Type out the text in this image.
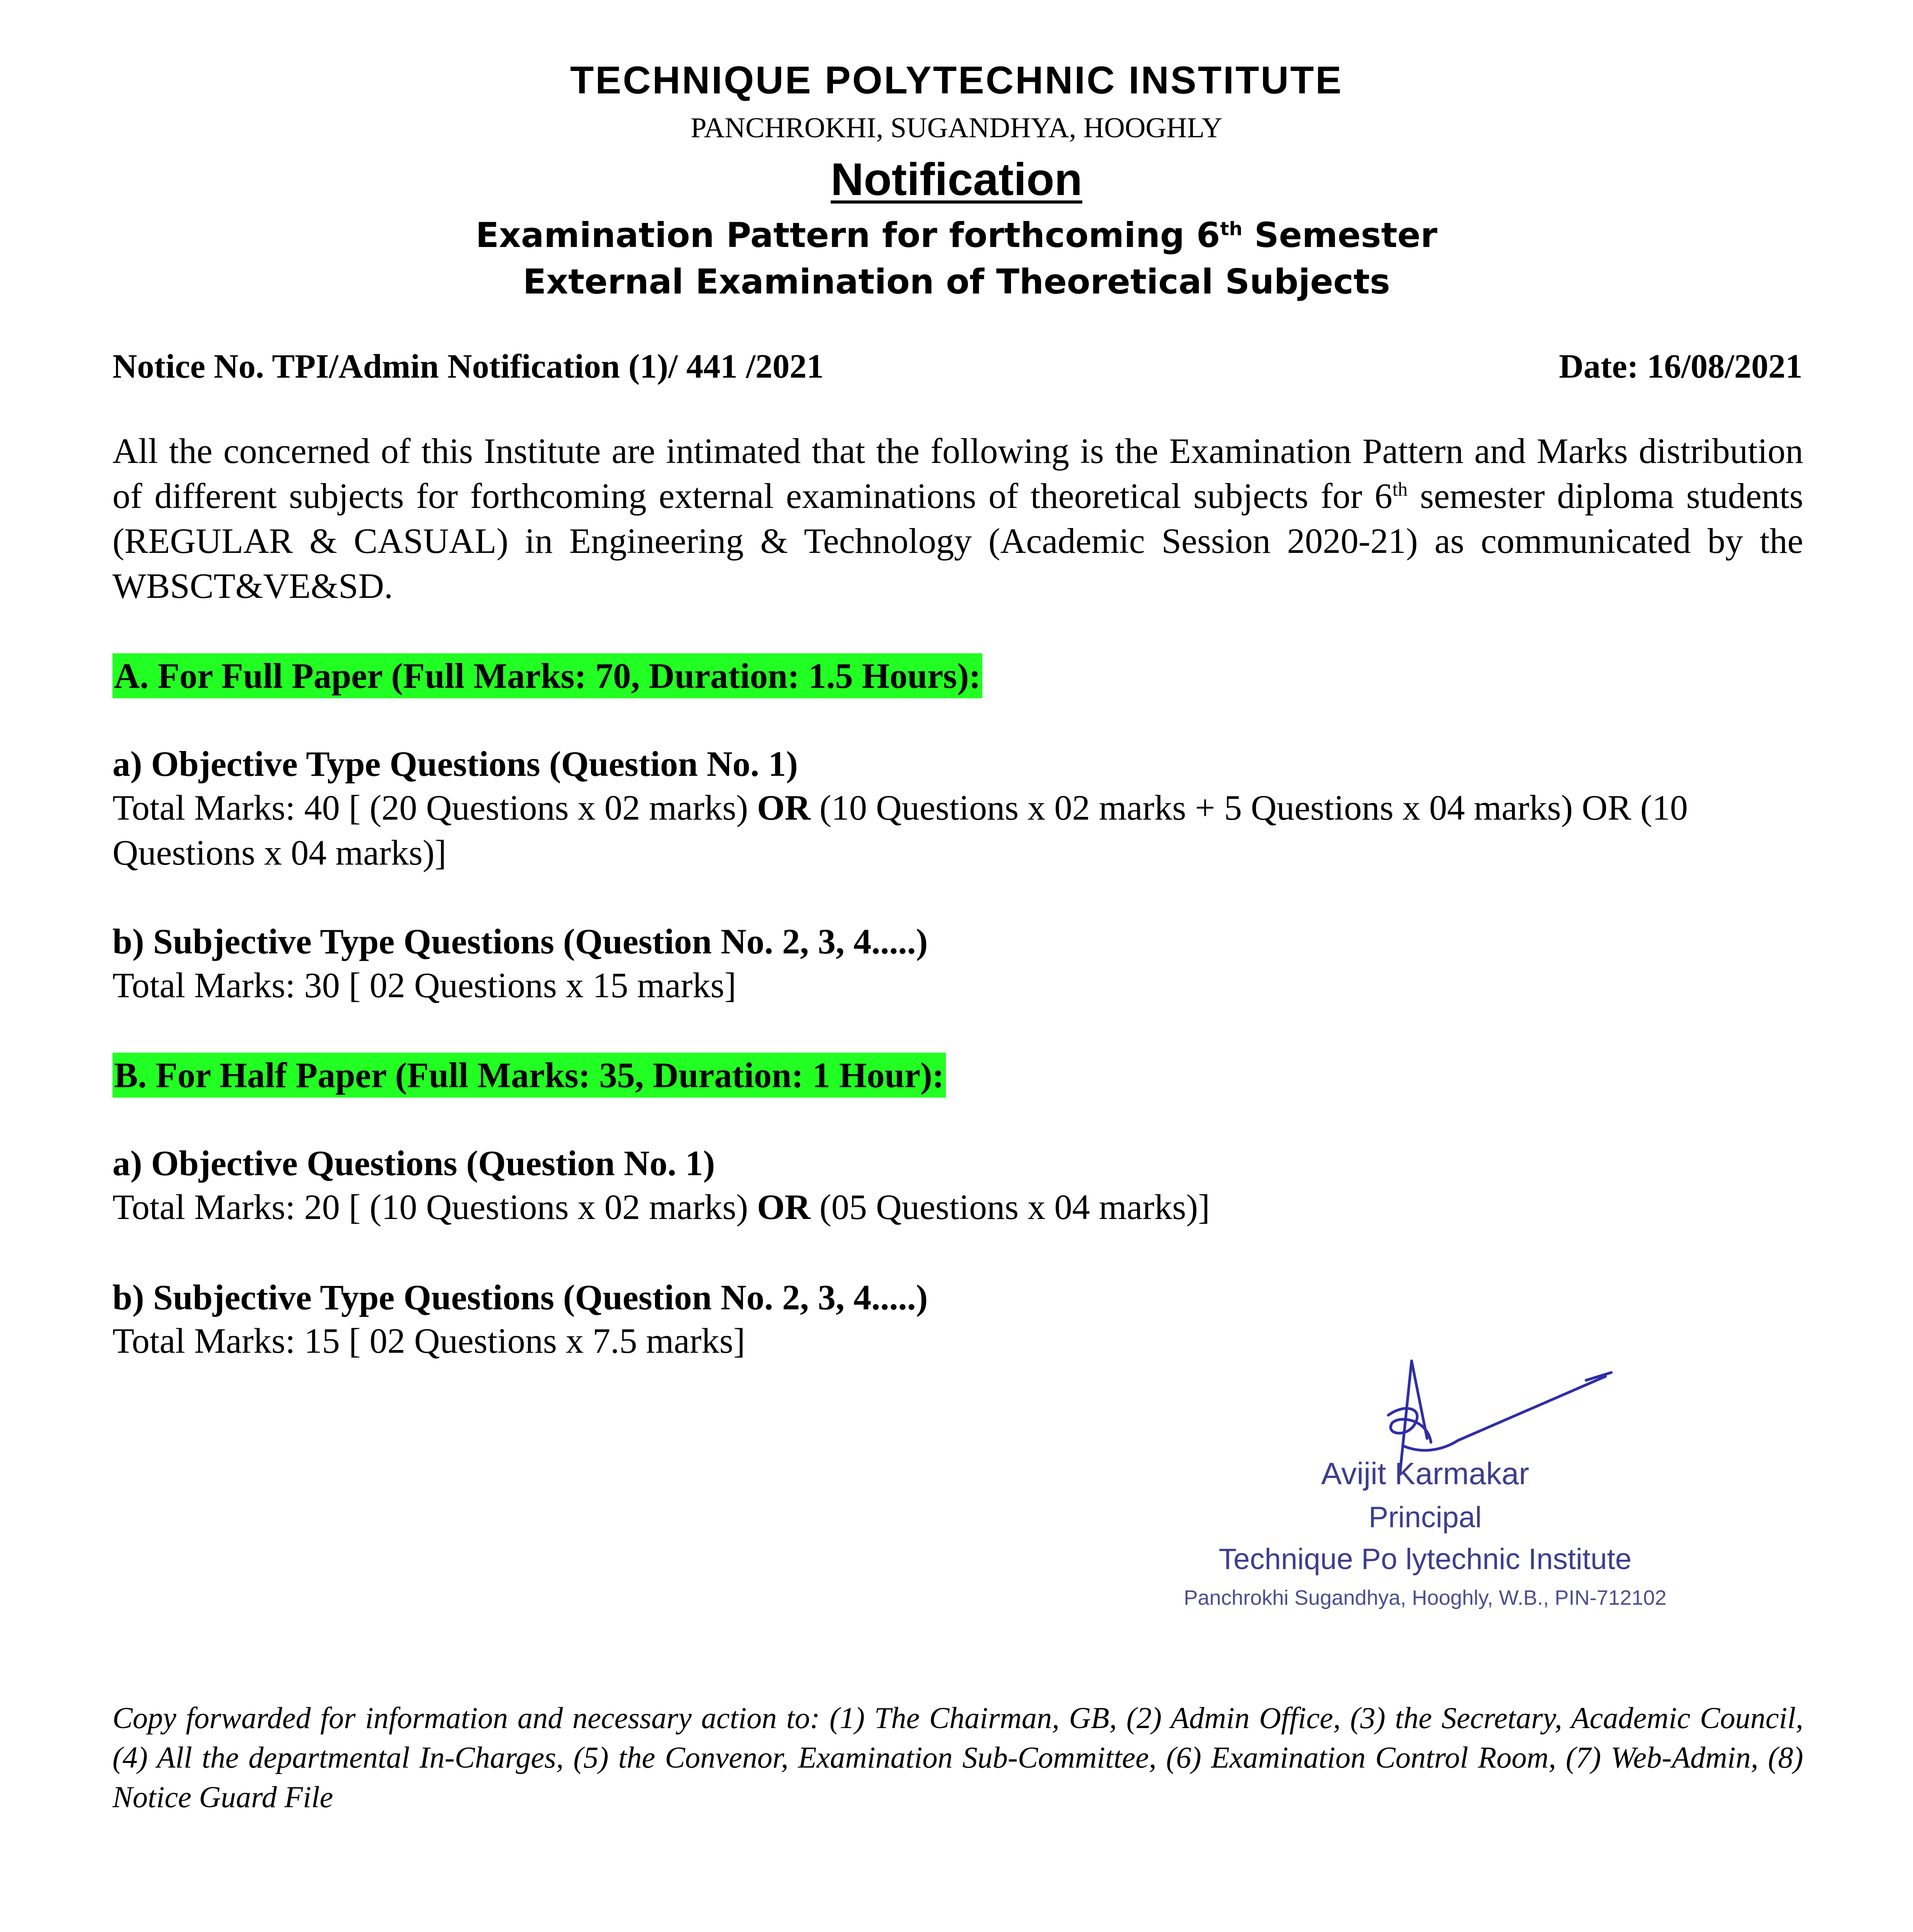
TECHNIQUE POLYTECHNIC INSTITUTE
PANCHROKHI, SUGANDHYA, HOOGHLY
Notification
Examination Pattern for forthcoming 6th Semester
External Examination of Theoretical Subjects
Notice No. TPI/Admin Notification (1)/ 441 /2021	Date: 16/08/2021
All the concerned of this Institute are intimated that the following is the Examination Pattern and Marks distribution of different subjects for forthcoming external examinations of theoretical subjects for 6th semester diploma students (REGULAR & CASUAL) in Engineering & Technology (Academic Session 2020-21) as communicated by the WBSCT&VE&SD.
A. For Full Paper (Full Marks: 70, Duration: 1.5 Hours):
a) Objective Type Questions (Question No. 1)
Total Marks: 40 [ (20 Questions x 02 marks) OR (10 Questions x 02 marks + 5 Questions x 04 marks) OR (10 Questions x 04 marks)]
b) Subjective Type Questions (Question No. 2, 3, 4.....)
Total Marks: 30 [ 02 Questions x 15 marks]
B. For Half Paper (Full Marks: 35, Duration: 1 Hour):
a) Objective Questions (Question No. 1)
Total Marks: 20 [ (10 Questions x 02 marks) OR (05 Questions x 04 marks)]
b) Subjective Type Questions (Question No. 2, 3, 4.....)
Total Marks: 15 [ 02 Questions x 7.5 marks]
Avijit Karmakar
Principal
Technique Po lytechnic Institute
Panchrokhi Sugandhya, Hooghly, W.B., PIN-712102
Copy forwarded for information and necessary action to: (1) The Chairman, GB, (2) Admin Office, (3) the Secretary, Academic Council, (4) All the departmental In-Charges, (5) the Convenor, Examination Sub-Committee, (6) Examination Control Room, (7) Web-Admin, (8) Notice Guard File
